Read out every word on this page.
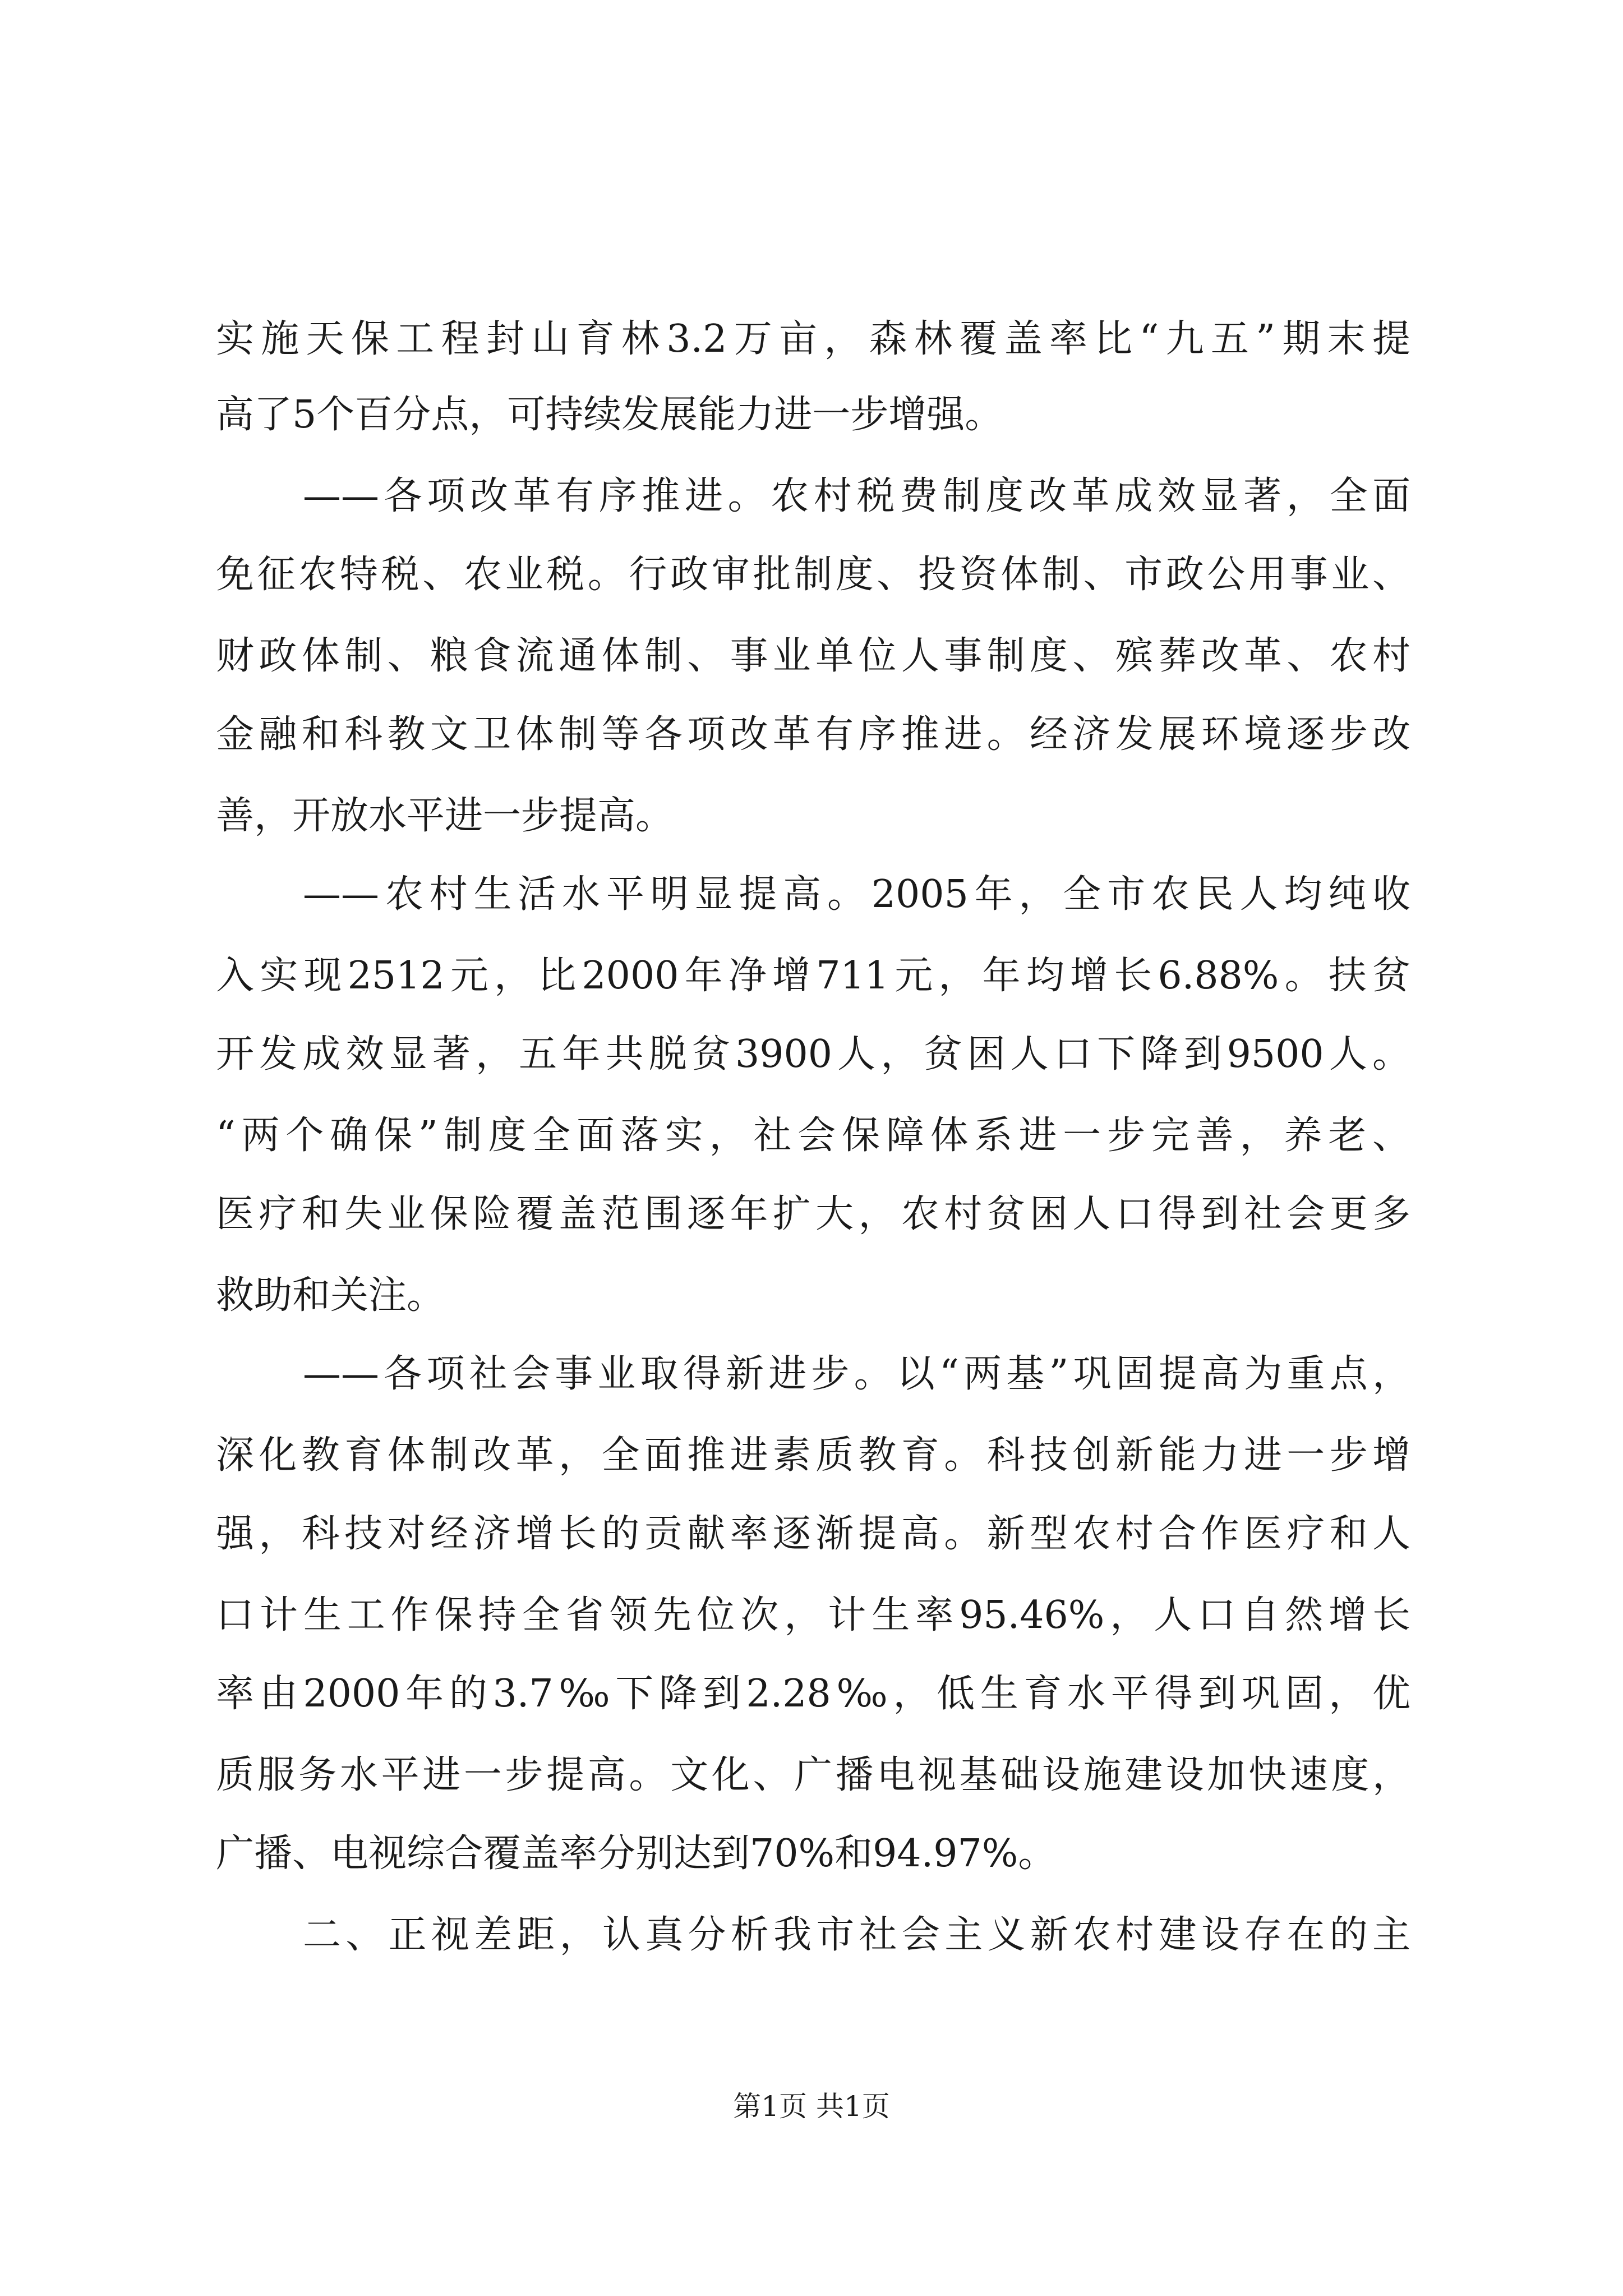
实施天保工程封山育林3.2万亩，森林覆盖率比“九五”期末提
高了5个百分点，可持续发展能力进一步增强。
——各项改革有序推进。农村税费制度改革成效显著，全面
免征农特税、农业税。行政审批制度、投资体制、市政公用事业、
财政体制、粮食流通体制、事业单位人事制度、殡葬改革、农村
金融和科教文卫体制等各项改革有序推进。经济发展环境逐步改
善，开放水平进一步提高。
——农村生活水平明显提高。2005年，全市农民人均纯收
入实现2512元，比2000年净增711元，年均增长6.88%。扶贫
开发成效显著，五年共脱贫3900人，贫困人口下降到9500人。
“两个确保”制度全面落实，社会保障体系进一步完善，养老、
医疗和失业保险覆盖范围逐年扩大，农村贫困人口得到社会更多
救助和关注。
——各项社会事业取得新进步。以“两基”巩固提高为重点，
深化教育体制改革，全面推进素质教育。科技创新能力进一步增
强，科技对经济增长的贡献率逐渐提高。新型农村合作医疗和人
口计生工作保持全省领先位次，计生率95.46%，人口自然增长
率由2000年的3.7‰下降到2.28‰，低生育水平得到巩固，优
质服务水平进一步提高。文化、广播电视基础设施建设加快速度，
广播、电视综合覆盖率分别达到70%和94.97%。
二、正视差距，认真分析我市社会主义新农村建设存在的主
第1页 共1页
